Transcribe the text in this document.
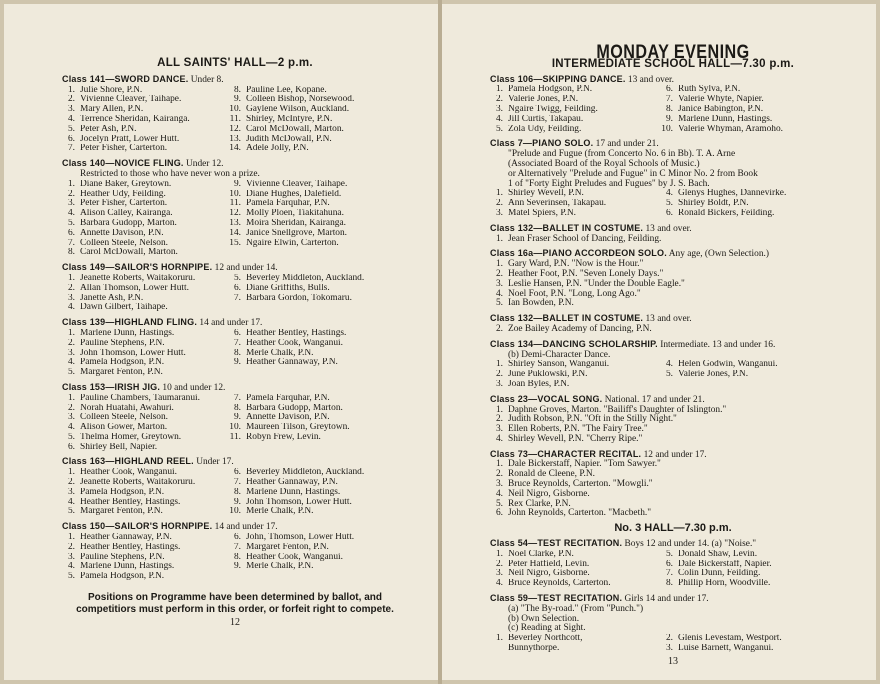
ALL SAINTS' HALL—2 p.m.
Class 141—SWORD DANCE. Under 8.
1. Julie Shore, P.N.	8. Pauline Lee, Kopane.
2. Vivienne Cleaver, Taihape.	9. Colleen Bishop, Norsewood.
3. Mary Allen, P.N.	10. Gaylene Wilson, Auckland.
4. Terrence Sheridan, Kairanga.	11. Shirley, McIntyre, P.N.
5. Peter Ash, P.N.	12. Carol McDowall, Marton.
6. Jocelyn Pratt, Lower Hutt.	13. Judith McDowall, P.N.
7. Peter Fisher, Carterton.	14. Adele Jolly, P.N.
Class 140—NOVICE FLING. Under 12.
Restricted to those who have never won a prize.
1. Diane Baker, Greytown.	9. Vivienne Cleaver, Taihape.
2. Heather Udy, Feilding.	10. Diane Hughes, Dalefield.
3. Peter Fisher, Carterton.	11. Pamela Farquhar, P.N.
4. Alison Calley, Kairanga.	12. Molly Ploen, Tiakitahuna.
5. Barbara Gudopp, Marton.	13. Moira Sheridan, Kairanga.
6. Annette Davison, P.N.	14. Janice Snellgrove, Marton.
7. Colleen Steele, Nelson.	15. Ngaire Elwin, Carterton.
8. Carol McDowall, Marton.
Class 149—SAILOR'S HORNPIPE. 12 and under 14.
1. Jeanette Roberts, Waitakoruru.	5. Beverley Middleton, Auckland.
2. Allan Thomson, Lower Hutt.	6. Diane Griffiths, Bulls.
3. Janette Ash, P.N.	7. Barbara Gordon, Tokomaru.
4. Dawn Gilbert, Taihape.
Class 139—HIGHLAND FLING. 14 and under 17.
1. Marlene Dunn, Hastings.	6. Heather Bentley, Hastings.
2. Pauline Stephens, P.N.	7. Heather Cook, Wanganui.
3. John Thomson, Lower Hutt.	8. Merle Chalk, P.N.
4. Pamela Hodgson, P.N.	9. Heather Gannaway, P.N.
5. Margaret Fenton, P.N.
Class 153—IRISH JIG. 10 and under 12.
1. Pauline Chambers, Taumaranui.	7. Pamela Farquhar, P.N.
2. Norah Huatahi, Awahuri.	8. Barbara Gudopp, Marton.
3. Colleen Steele, Nelson.	9. Annette Davison, P.N.
4. Alison Gower, Marton.	10. Maureen Tilson, Greytown.
5. Thelma Homer, Greytown.	11. Robyn Frew, Levin.
6. Shirley Bell, Napier.
Class 163—HIGHLAND REEL. Under 17.
1. Heather Cook, Wanganui.	6. Beverley Middleton, Auckland.
2. Jeanette Roberts, Waitakoruru.	7. Heather Gannaway, P.N.
3. Pamela Hodgson, P.N.	8. Marlene Dunn, Hastings.
4. Heather Bentley, Hastings.	9. John Thomson, Lower Hutt.
5. Margaret Fenton, P.N.	10. Merle Chalk, P.N.
Class 150—SAILOR'S HORNPIPE. 14 and under 17.
1. Heather Gannaway, P.N.	6. John, Thomson, Lower Hutt.
2. Heather Bentley, Hastings.	7. Margaret Fenton, P.N.
3. Pauline Stephens, P.N.	8. Heather Cook, Wanganui.
4. Marlene Dunn, Hastings.	9. Merle Chalk, P.N.
5. Pamela Hodgson, P.N.
Positions on Programme have been determined by ballot, and competitiors must perform in this order, or forfeit right to compete.
12
MONDAY EVENING
INTERMEDIATE SCHOOL HALL—7.30 p.m.
Class 106—SKIPPING DANCE. 13 and over.
1. Pamela Hodgson, P.N.	6. Ruth Sylva, P.N.
2. Valerie Jones, P.N.	7. Valerie Whyte, Napier.
3. Ngaire Twigg, Feilding.	8. Janice Babington, P.N.
4. Jill Curtis, Takapau.	9. Marlene Dunn, Hastings.
5. Zola Udy, Feilding.	10. Valerie Whyman, Aramoho.
Class 7—PIANO SOLO. 17 and under 21.
"Prelude and Fugue (from Concerto No. 6 in Bb). T. A. Arne
(Associated Board of the Royal Schools of Music.)
or Alternatively "Prelude and Fugue" in C Minor No. 2 from Book
1 of "Forty Eight Preludes and Fugues" by J. S. Bach.
1. Shirley Wevell, P.N.	4. Glenys Hughes, Dannevirke.
2. Ann Severinsen, Takapau.	5. Shirley Boldt, P.N.
3. Matel Spiers, P.N.	6. Ronald Bickers, Feilding.
Class 132—BALLET IN COSTUME. 13 and over.
1. Jean Fraser School of Dancing, Feilding.
Class 16a—PIANO ACCORDEON SOLO. Any age, (Own Selection.)
1. Gary Ward, P.N. "Now is the Hour."
2. Heather Foot, P.N. "Seven Lonely Days."
3. Leslie Hansen, P.N. "Under the Double Eagle."
4. Noel Foot, P.N. "Long, Long Ago."
5. Ian Bowden, P.N.
Class 132—BALLET IN COSTUME. 13 and over.
2. Zoe Bailey Academy of Dancing, P.N.
Class 134—DANCING SCHOLARSHIP. Intermediate. 13 and under 16.
(b) Demi-Character Dance.
1. Shirley Sanson, Wanganui.	4. Helen Godwin, Wanganui.
2. June Puklowski, P.N.	5. Valerie Jones, P.N.
3. Joan Byles, P.N.
Class 23—VOCAL SONG. National. 17 and under 21.
1. Daphne Groves, Marton. "Bailiff's Daughter of Islington."
2. Judith Robson, P.N. "Oft in the Stilly Night."
3. Ellen Roberts, P.N. "The Fairy Tree."
4. Shirley Wevell, P.N. "Cherry Ripe."
Class 73—CHARACTER RECITAL. 12 and under 17.
1. Dale Bickerstaff, Napier. "Tom Sawyer."
2. Ronald de Cleene, P.N.
3. Bruce Reynolds, Carterton. "Mowgli."
4. Neil Nigro, Gisborne.
5. Rex Clarke, P.N.
6. John Reynolds, Carterton. "Macbeth."
No. 3 HALL—7.30 p.m.
Class 54—TEST RECITATION. Boys 12 and under 14. (a) "Noise."
1. Noel Clarke, P.N.	5. Donald Shaw, Levin.
2. Peter Hatfield, Levin.	6. Dale Bickerstaff, Napier.
3. Neil Nigro, Gisborne.	7. Colin Dunn, Feilding.
4. Bruce Reynolds, Carterton.	8. Phillip Horn, Woodville.
Class 59—TEST RECITATION. Girls 14 and under 17.
(a) "The By-road." (From "Punch.")
(b) Own Selection.
(c) Reading at Sight.
1. Beverley Northcott,	2. Glenis Levestam, Westport.
Bunnythorpe.	3. Luise Barnett, Wanganui.
13
